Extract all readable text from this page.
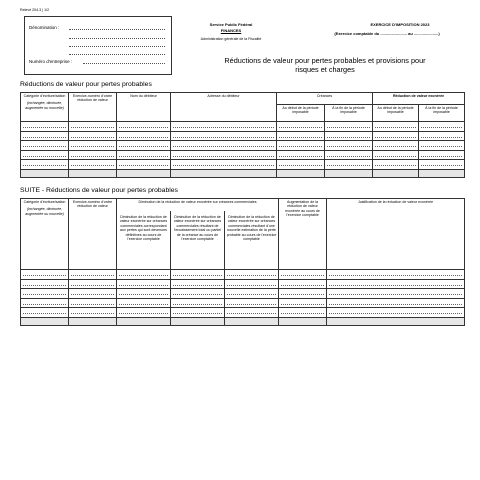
Relevé 204.3 | 1/2
Dénomination :
Numéro d'entreprise :
Service Public Fédéral
FINANCES
Administration générale de la Fiscalité
EXERCICE D'IMPOSITION 2023
(Exercice comptable du ........................ au ......................)
Réductions de valeur pour pertes probables et provisions pour
risques et charges
Réductions de valeur pour pertes probables
Catégorie d'écriture/sation
(inchangée, diminuée, augmentée ou nouvelle)	Exercice-numéro d'ordre réduction de valeur	Nom du débiteur	Adresse du débiteur	Créances		Réduction de valeur exonérée	
				Au début de la période imposable	À la fin de la période imposable	Au début de la période imposable	À la fin de la période imposable

SUITE - Réductions de valeur pour pertes probables
Catégorie d'écriture/sation
(inchangée, diminuée, augmentée ou nouvelle)	Exercice-numéro d'ordre réduction de valeur	Diminution de la réduction de valeur exonérée sur créances commerciales			Augmentation de la réduction de valeur exonérée au cours de l'exercice comptable	Justification de la réduction de valeur exonérée
		Diminution de la réduction de valeur exonérée sur créances commerciales correspondant aux pertes qui sont devenues définitives au cours de l'exercice comptable	Diminution de la réduction de valeur exonérée sur créances commerciales résultant de l'encaissement total ou partiel de la créance au cours de l'exercice comptable	Diminution de la réduction de valeur exonérée sur créances commerciales résultant d'une nouvelle estimation de la perte probable au cours de l'exercice comptable		
